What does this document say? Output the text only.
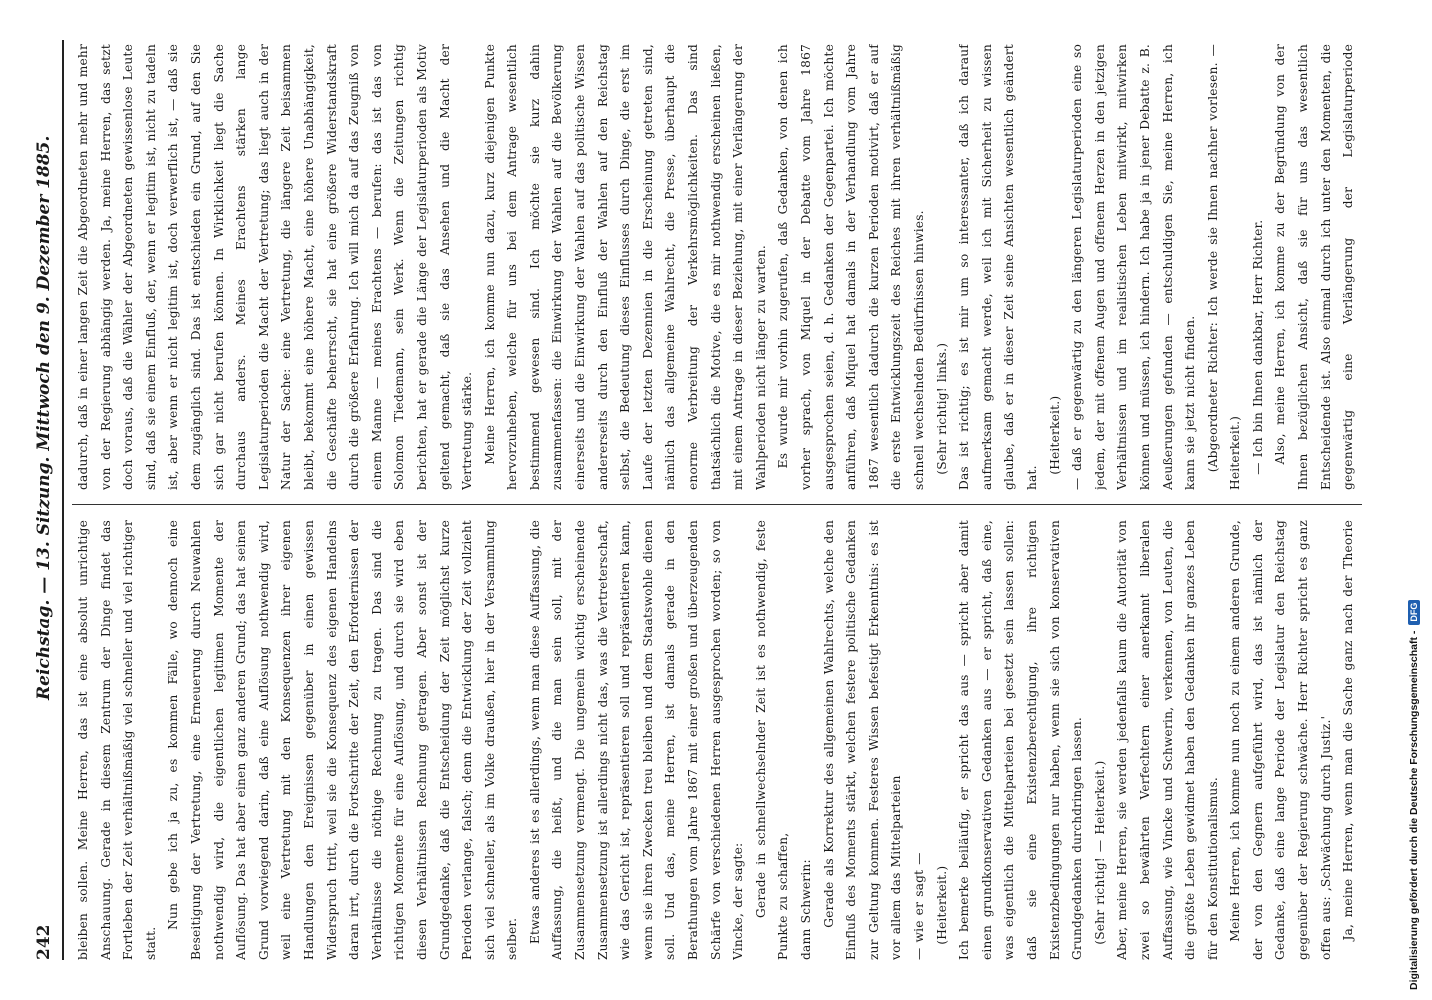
242
Reichstag. — 13. Sitzung. Mittwoch den 9. Dezember 1885.
bleiben sollen. Meine Herren, das ist eine absolut unrichtige Anschauung. Gerade in diesem Zentrum der Dinge findet das Fortleben der Zeit verhältnißmäßig viel schneller und viel richtiger statt.
Nun gebe ich ja zu, es kommen Fälle, wo dennoch eine Beseitigung der Vertretung, eine Erneuerung durch Neuwahlen nothwendig wird, die eigentlichen legitimen Momente der Auflösung. Das hat aber einen ganz anderen Grund; das hat seinen Grund vorwiegend darin, daß eine Auflösung nothwendig wird, weil eine Vertretung mit den Konsequenzen ihrer eigenen Handlungen den Ereignissen gegenüber in einen gewissen Widerspruch tritt, weil sie die Konsequenz des eigenen Handelns daran irrt, durch die Fortschritte der Zeit, den Erfordernissen der Verhältnisse die nöthige Rechnung zu tragen. Das sind die richtigen Momente für eine Auflösung, und durch sie wird eben diesen Verhältnissen Rechnung getragen. Aber sonst ist der Grundgedanke, daß die Entscheidung der Zeit möglichst kurze Perioden verlange, falsch; denn die Entwicklung der Zeit vollzieht sich viel schneller, als im Volke draußen, hier in der Versammlung selber.
Etwas anderes ist es allerdings, wenn man diese Auffassung, die Auffassung, die heißt, und die man sein soll, mit der Zusammensetzung vermengt. Die ungemein wichtig erscheinende Zusammensetzung ist allerdings nicht das, was die Vertreterschaft, wie das Gericht ist, repräsentieren soll und repräsentieren kann, wenn sie ihren Zwecken treu bleiben und dem Staatswohle dienen soll. Und das, meine Herren, ist damals gerade in den Berathungen vom Jahre 1867 mit einer großen und überzeugenden Schärfe von verschiedenen Herren ausgesprochen worden; so von Vincke, der sagte:
Gerade in schnellwechselnder Zeit ist es nothwendig, feste Punkte zu schaffen,
dann Schwerin:
Gerade als Korrektur des allgemeinen Wahlrechts, welche den Einfluß des Moments stärkt, welchen festere politische Gedanken zur Geltung kommen. Festeres Wissen befestigt Erkenntnis: es ist vor allem das Mittelparteien
— wie er sagt —
(Heiterkeit.)
Ich bemerke beiläufig, er spricht das aus — spricht aber damit einen grundkonservativen Gedanken aus — er spricht, daß eine, was eigentlich die Mittelparteien bei gesetzt sein lassen sollen: daß sie eine Existenzberechtigung, ihre richtigen Existenzbedingungen nur haben, wenn sie sich von konservativen Grundgedanken durchdringen lassen.
(Sehr richtig! — Heiterkeit.)
Aber, meine Herren, sie werden jedenfalls kaum die Autorität von zwei so bewährten Verfechtern einer anerkannt liberalen Auffassung, wie Vincke und Schwerin, verkennen, von Leuten, die die größte Leben gewidmet haben den Gedanken ihr ganzes Leben für den Konstitutionalismus.
Meine Herren, ich komme nun noch zu einem anderen Grunde, der von den Gegnern aufgeführt wird, das ist nämlich der Gedanke, daß eine lange Periode der Legislatur den Reichstag gegenüber der Regierung schwäche. Herr Richter spricht es ganz offen aus: ,Schwächung durch Justiz.'
Ja, meine Herren, wenn man die Sache ganz nach der Theorie
dadurch, daß in einer langen Zeit die Abgeordneten mehr und mehr von der Regierung abhängig werden. Ja, meine Herren, das setzt doch voraus, daß die Wähler der Abgeordneten gewissenlose Leute sind, daß sie einem Einfluß, der, wenn er legitim ist, nicht zu tadeln ist, aber wenn er nicht legitim ist, doch verwerflich ist, — daß sie dem zugänglich sind. Das ist entschieden ein Grund, auf den Sie sich gar nicht berufen können. In Wirklichkeit liegt die Sache durchaus anders. Meines Erachtens stärken lange Legislaturperioden die Macht der Vertretung; das liegt auch in der Natur der Sache: eine Vertretung, die längere Zeit beisammen bleibt, bekommt eine höhere Macht, eine höhere Unabhängigkeit, die Geschäfte beherrscht, sie hat eine größere Widerstandskraft durch die größere Erfahrung. Ich will mich da auf das Zeugniß von einem Manne — meines Erachtens — berufen: das ist das von Solomon Tiedemann, sein Werk. Wenn die Zeitungen richtig berichten, hat er gerade die Länge der Legislaturperioden als Motiv geltend gemacht, daß sie das Ansehen und die Macht der Vertretung stärke.
Meine Herren, ich komme nun dazu, kurz diejenigen Punkte hervorzuheben, welche für uns bei dem Antrage wesentlich bestimmend gewesen sind. Ich möchte sie kurz dahin zusammenfassen: die Einwirkung der Wahlen auf die Bevölkerung einerseits und die Einwirkung der Wahlen auf das politische Wissen andererseits durch den Einfluß der Wahlen auf den Reichstag selbst, die Bedeutung dieses Einflusses durch Dinge, die erst im Laufe der letzten Dezennien in die Erscheinung getreten sind, nämlich das allgemeine Wahlrecht, die Presse, überhaupt die enorme Verbreitung der Verkehrsmöglichkeiten. Das sind thatsächlich die Motive, die es mir nothwendig erscheinen ließen, mit einem Antrage in dieser Beziehung, mit einer Verlängerung der Wahlperioden nicht länger zu warten.
Es wurde mir vorhin zugerufen, daß Gedanken, von denen ich vorher sprach, von Miquel in der Debatte vom Jahre 1867 ausgesprochen seien, d. h. Gedanken der Gegenpartei. Ich möchte anführen, daß Miquel hat damals in der Verhandlung vom Jahre 1867 wesentlich dadurch die kurzen Perioden motivirt, daß er auf die erste Entwicklungszeit des Reiches mit ihren verhältnißmäßig schnell wechselnden Bedürfnissen hinwies.
(Sehr richtig! links.)
Das ist richtig; es ist mir um so interessanter, daß ich darauf aufmerksam gemacht werde, weil ich mit Sicherheit zu wissen glaube, daß er in dieser Zeit seine Ansichten wesentlich geändert hat.
(Heiterkeit.)
— daß er gegenwärtig zu den längeren Legislaturperioden eine so jedem, der mit offenem Augen und offenem Herzen in den jetzigen Verhältnissen und im realistischen Leben mitwirkt, mitwirken können und müssen, ich hindern. Ich habe ja in jener Debatte z. B. Aeußerungen gefunden — entschuldigen Sie, meine Herren, ich kann sie jetzt nicht finden.
(Abgeordneter Richter: Ich werde sie Ihnen nachher vorlesen. — Heiterkeit.)
— Ich bin Ihnen dankbar, Herr Richter.
Also, meine Herren, ich komme zu der Begründung von der Ihnen bezüglichen Ansicht, daß sie für uns das wesentlich Entscheidende ist. Also einmal durch ich unter den Momenten, die gegenwärtig eine Verlängerung der Legislaturperiode
Digitalisierung gefördert durch die Deutsche Forschungsgemeinschaft -
DFG
